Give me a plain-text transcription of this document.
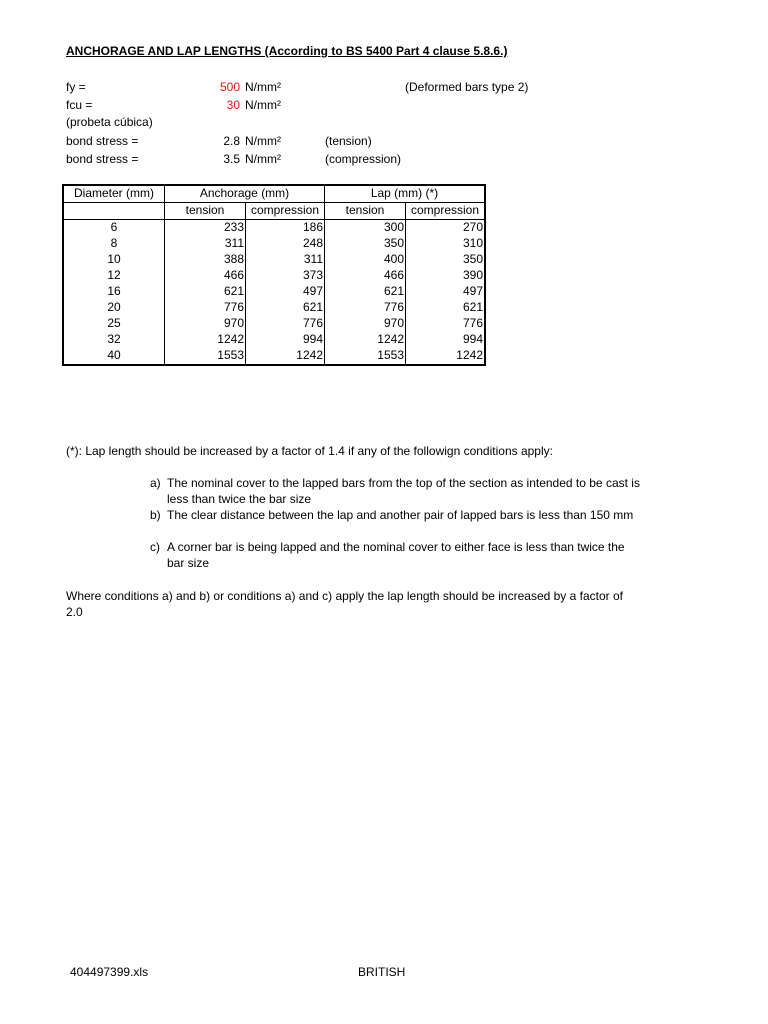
ANCHORAGE AND LAP LENGTHS (According to BS 5400 Part 4 clause 5.8.6.)
fy =	500 N/mm²	(Deformed bars type 2)
fcu =	30 N/mm²
(probeta cúbica)
bond stress =	2.8 N/mm²	(tension)
bond stress =	3.5 N/mm²	(compression)
Diameter (mm)	Anchorage (mm)		Lap (mm) (*)	
	tension	compression	tension	compression
6	233	186	300	270
8	311	248	350	310
10	388	311	400	350
12	466	373	466	390
16	621	497	621	497
20	776	621	776	621
25	970	776	970	776
32	1242	994	1242	994
40	1553	1242	1553	1242
(*): Lap length should be increased by a factor of 1.4 if any of the followign conditions apply:
a) The nominal cover to the lapped bars from the top of the section as intended to be cast is less than twice the bar size
b) The clear distance between the lap and another pair of lapped bars is less than 150 mm
c) A corner bar is being lapped and the nominal cover to either face is less than twice the bar size
Where conditions a) and b) or conditions a) and c) apply the lap length should be increased by a factor of 2.0
404497399.xls	BRITISH
